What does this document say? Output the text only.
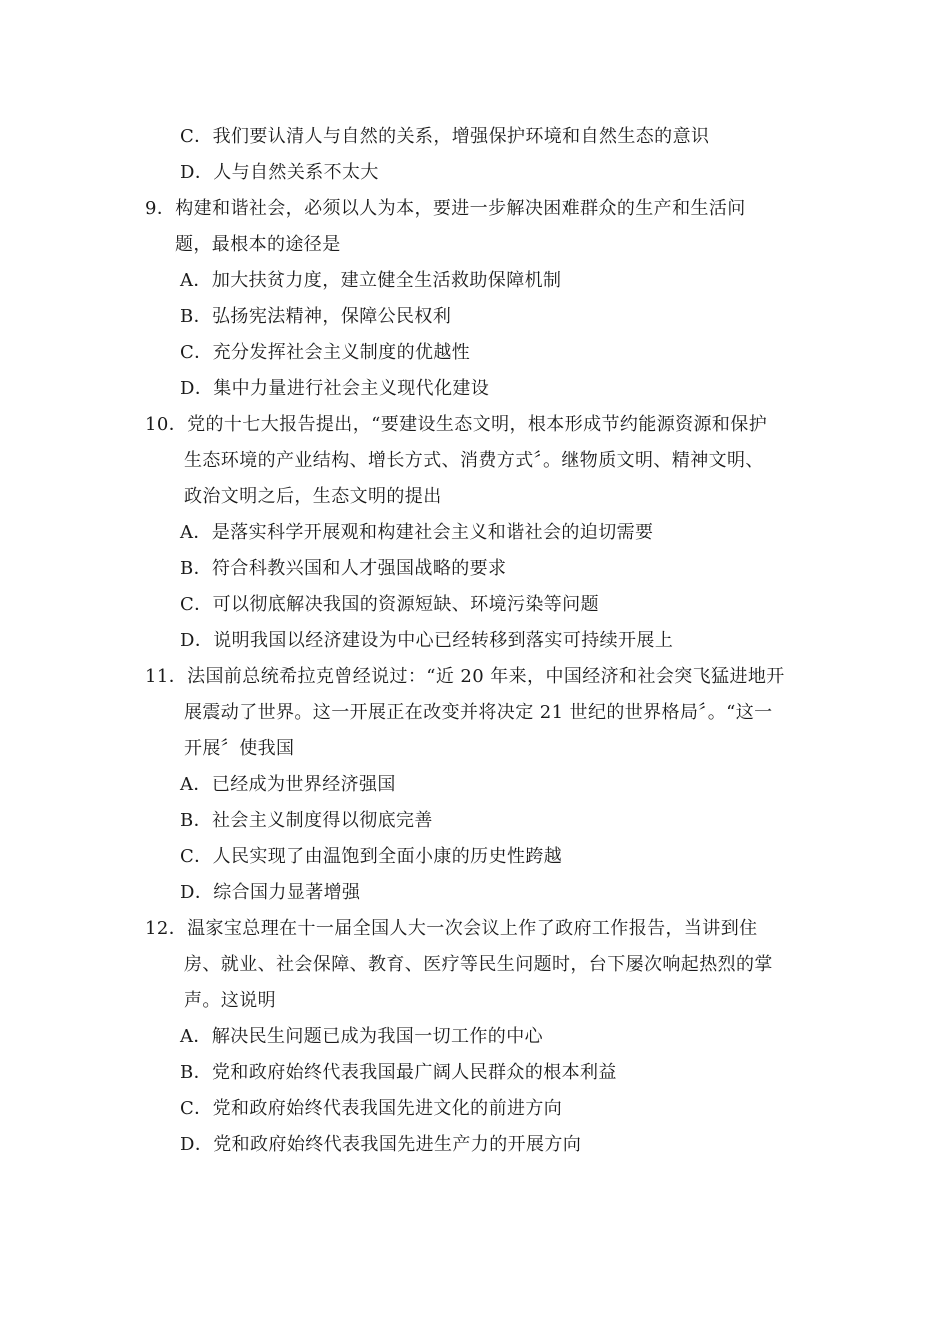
C．我们要认清人与自然的关系，增强保护环境和自然生态的意识
D．人与自然关系不太大
9．构建和谐社会，必须以人为本，要进一步解决困难群众的生产和生活问
题，最根本的途径是
A．加大扶贫力度，建立健全生活救助保障机制
B．弘扬宪法精神，保障公民权利
C．充分发挥社会主义制度的优越性
D．集中力量进行社会主义现代化建设
10．党的十七大报告提出，“要建设生态文明，根本形成节约能源资源和保护
生态环境的产业结构、增长方式、消费方式〞。继物质文明、精神文明、
政治文明之后，生态文明的提出
A．是落实科学开展观和构建社会主义和谐社会的迫切需要
B．符合科教兴国和人才强国战略的要求
C．可以彻底解决我国的资源短缺、环境污染等问题
D．说明我国以经济建设为中心已经转移到落实可持续开展上
11．法国前总统希拉克曾经说过：“近 20 年来，中国经济和社会突飞猛进地开
展震动了世界。这一开展正在改变并将决定 21 世纪的世界格局〞。“这一
开展〞使我国
A．已经成为世界经济强国
B．社会主义制度得以彻底完善
C．人民实现了由温饱到全面小康的历史性跨越
D．综合国力显著增强
12．温家宝总理在十一届全国人大一次会议上作了政府工作报告，当讲到住
房、就业、社会保障、教育、医疗等民生问题时，台下屡次响起热烈的掌
声。这说明
A．解决民生问题已成为我国一切工作的中心
B．党和政府始终代表我国最广阔人民群众的根本利益
C．党和政府始终代表我国先进文化的前进方向
D．党和政府始终代表我国先进生产力的开展方向
